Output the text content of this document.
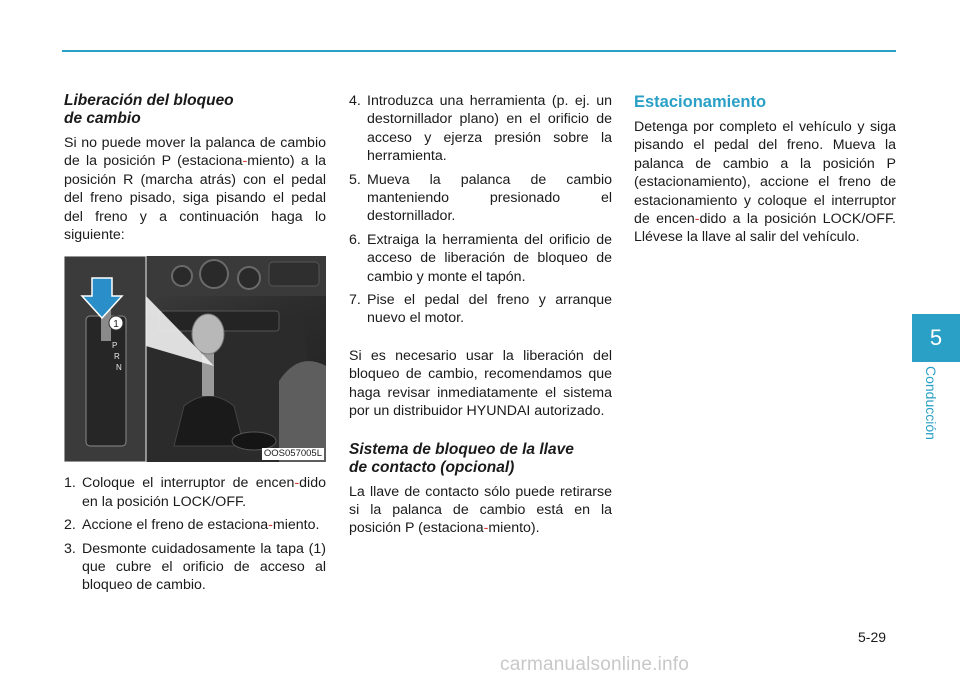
Liberación del bloqueo
de cambio

Si no puede mover la palanca de cambio de la posición P (estaciona-miento) a la posición R (marcha atrás) con el pedal del freno pisado, siga pisando el pedal del freno y a continuación haga lo siguiente:

1
P
R
N
OOS057005L
1. Coloque el interruptor de encen-dido en la posición LOCK/OFF.
2. Accione el freno de estaciona-miento.
3. Desmonte cuidadosamente la tapa (1) que cubre el orificio de acceso al bloqueo de cambio.
4. Introduzca una herramienta (p. ej. un destornillador plano) en el orificio de acceso y ejerza presión sobre la herramienta.
5. Mueva la palanca de cambio manteniendo presionado el destornillador.
6. Extraiga la herramienta del orificio de acceso de liberación de bloqueo de cambio y monte el tapón.
7. Pise el pedal del freno y arranque nuevo el motor.

Si es necesario usar la liberación del bloqueo de cambio, recomendamos que haga revisar inmediatamente el sistema por un distribuidor HYUNDAI autorizado.

Sistema de bloqueo de la llave
de contacto (opcional)

La llave de contacto sólo puede retirarse si la palanca de cambio está en la posición P (estaciona-miento).

Estacionamiento

Detenga por completo el vehículo y siga pisando el pedal del freno. Mueva la palanca de cambio a la posición P (estacionamiento), accione el freno de estacionamiento y coloque el interruptor de encen-dido a la posición LOCK/OFF. Llévese la llave al salir del vehículo.

5
Conducción
5-29
carmanualsonline.info
